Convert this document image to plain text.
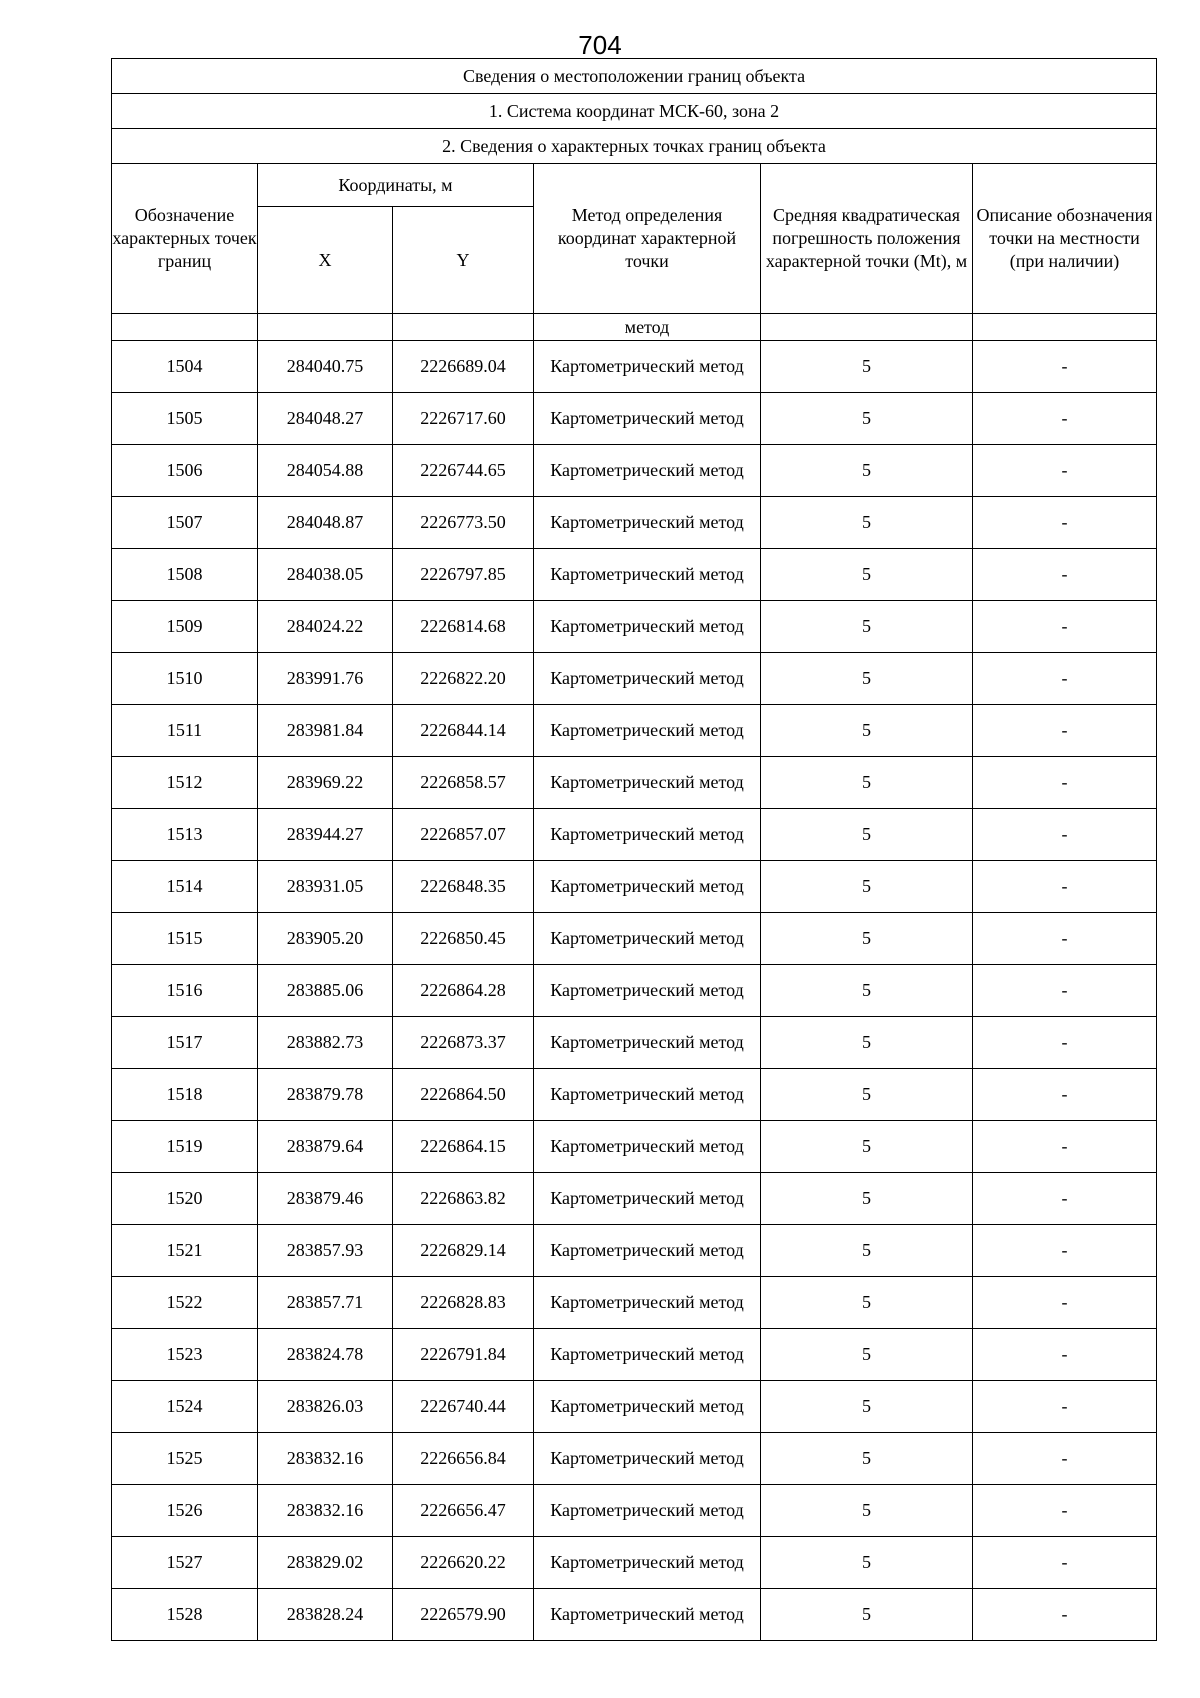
704
Сведения о местоположении границ объекта					
1. Система координат МСК-60, зона 2					
2. Сведения о характерных точках границ объекта					
Обозначение характерных точек границ	Координаты, м		Метод определения координат характерной точки	Средняя квадратическая погрешность положения характерной точки (Mt), м	Описание обозначения точки на местности (при наличии)
	X	Y			
			метод		
1504	284040.75	2226689.04	Картометрический метод	5	-
1505	284048.27	2226717.60	Картометрический метод	5	-
1506	284054.88	2226744.65	Картометрический метод	5	-
1507	284048.87	2226773.50	Картометрический метод	5	-
1508	284038.05	2226797.85	Картометрический метод	5	-
1509	284024.22	2226814.68	Картометрический метод	5	-
1510	283991.76	2226822.20	Картометрический метод	5	-
1511	283981.84	2226844.14	Картометрический метод	5	-
1512	283969.22	2226858.57	Картометрический метод	5	-
1513	283944.27	2226857.07	Картометрический метод	5	-
1514	283931.05	2226848.35	Картометрический метод	5	-
1515	283905.20	2226850.45	Картометрический метод	5	-
1516	283885.06	2226864.28	Картометрический метод	5	-
1517	283882.73	2226873.37	Картометрический метод	5	-
1518	283879.78	2226864.50	Картометрический метод	5	-
1519	283879.64	2226864.15	Картометрический метод	5	-
1520	283879.46	2226863.82	Картометрический метод	5	-
1521	283857.93	2226829.14	Картометрический метод	5	-
1522	283857.71	2226828.83	Картометрический метод	5	-
1523	283824.78	2226791.84	Картометрический метод	5	-
1524	283826.03	2226740.44	Картометрический метод	5	-
1525	283832.16	2226656.84	Картометрический метод	5	-
1526	283832.16	2226656.47	Картометрический метод	5	-
1527	283829.02	2226620.22	Картометрический метод	5	-
1528	283828.24	2226579.90	Картометрический метод	5	-
